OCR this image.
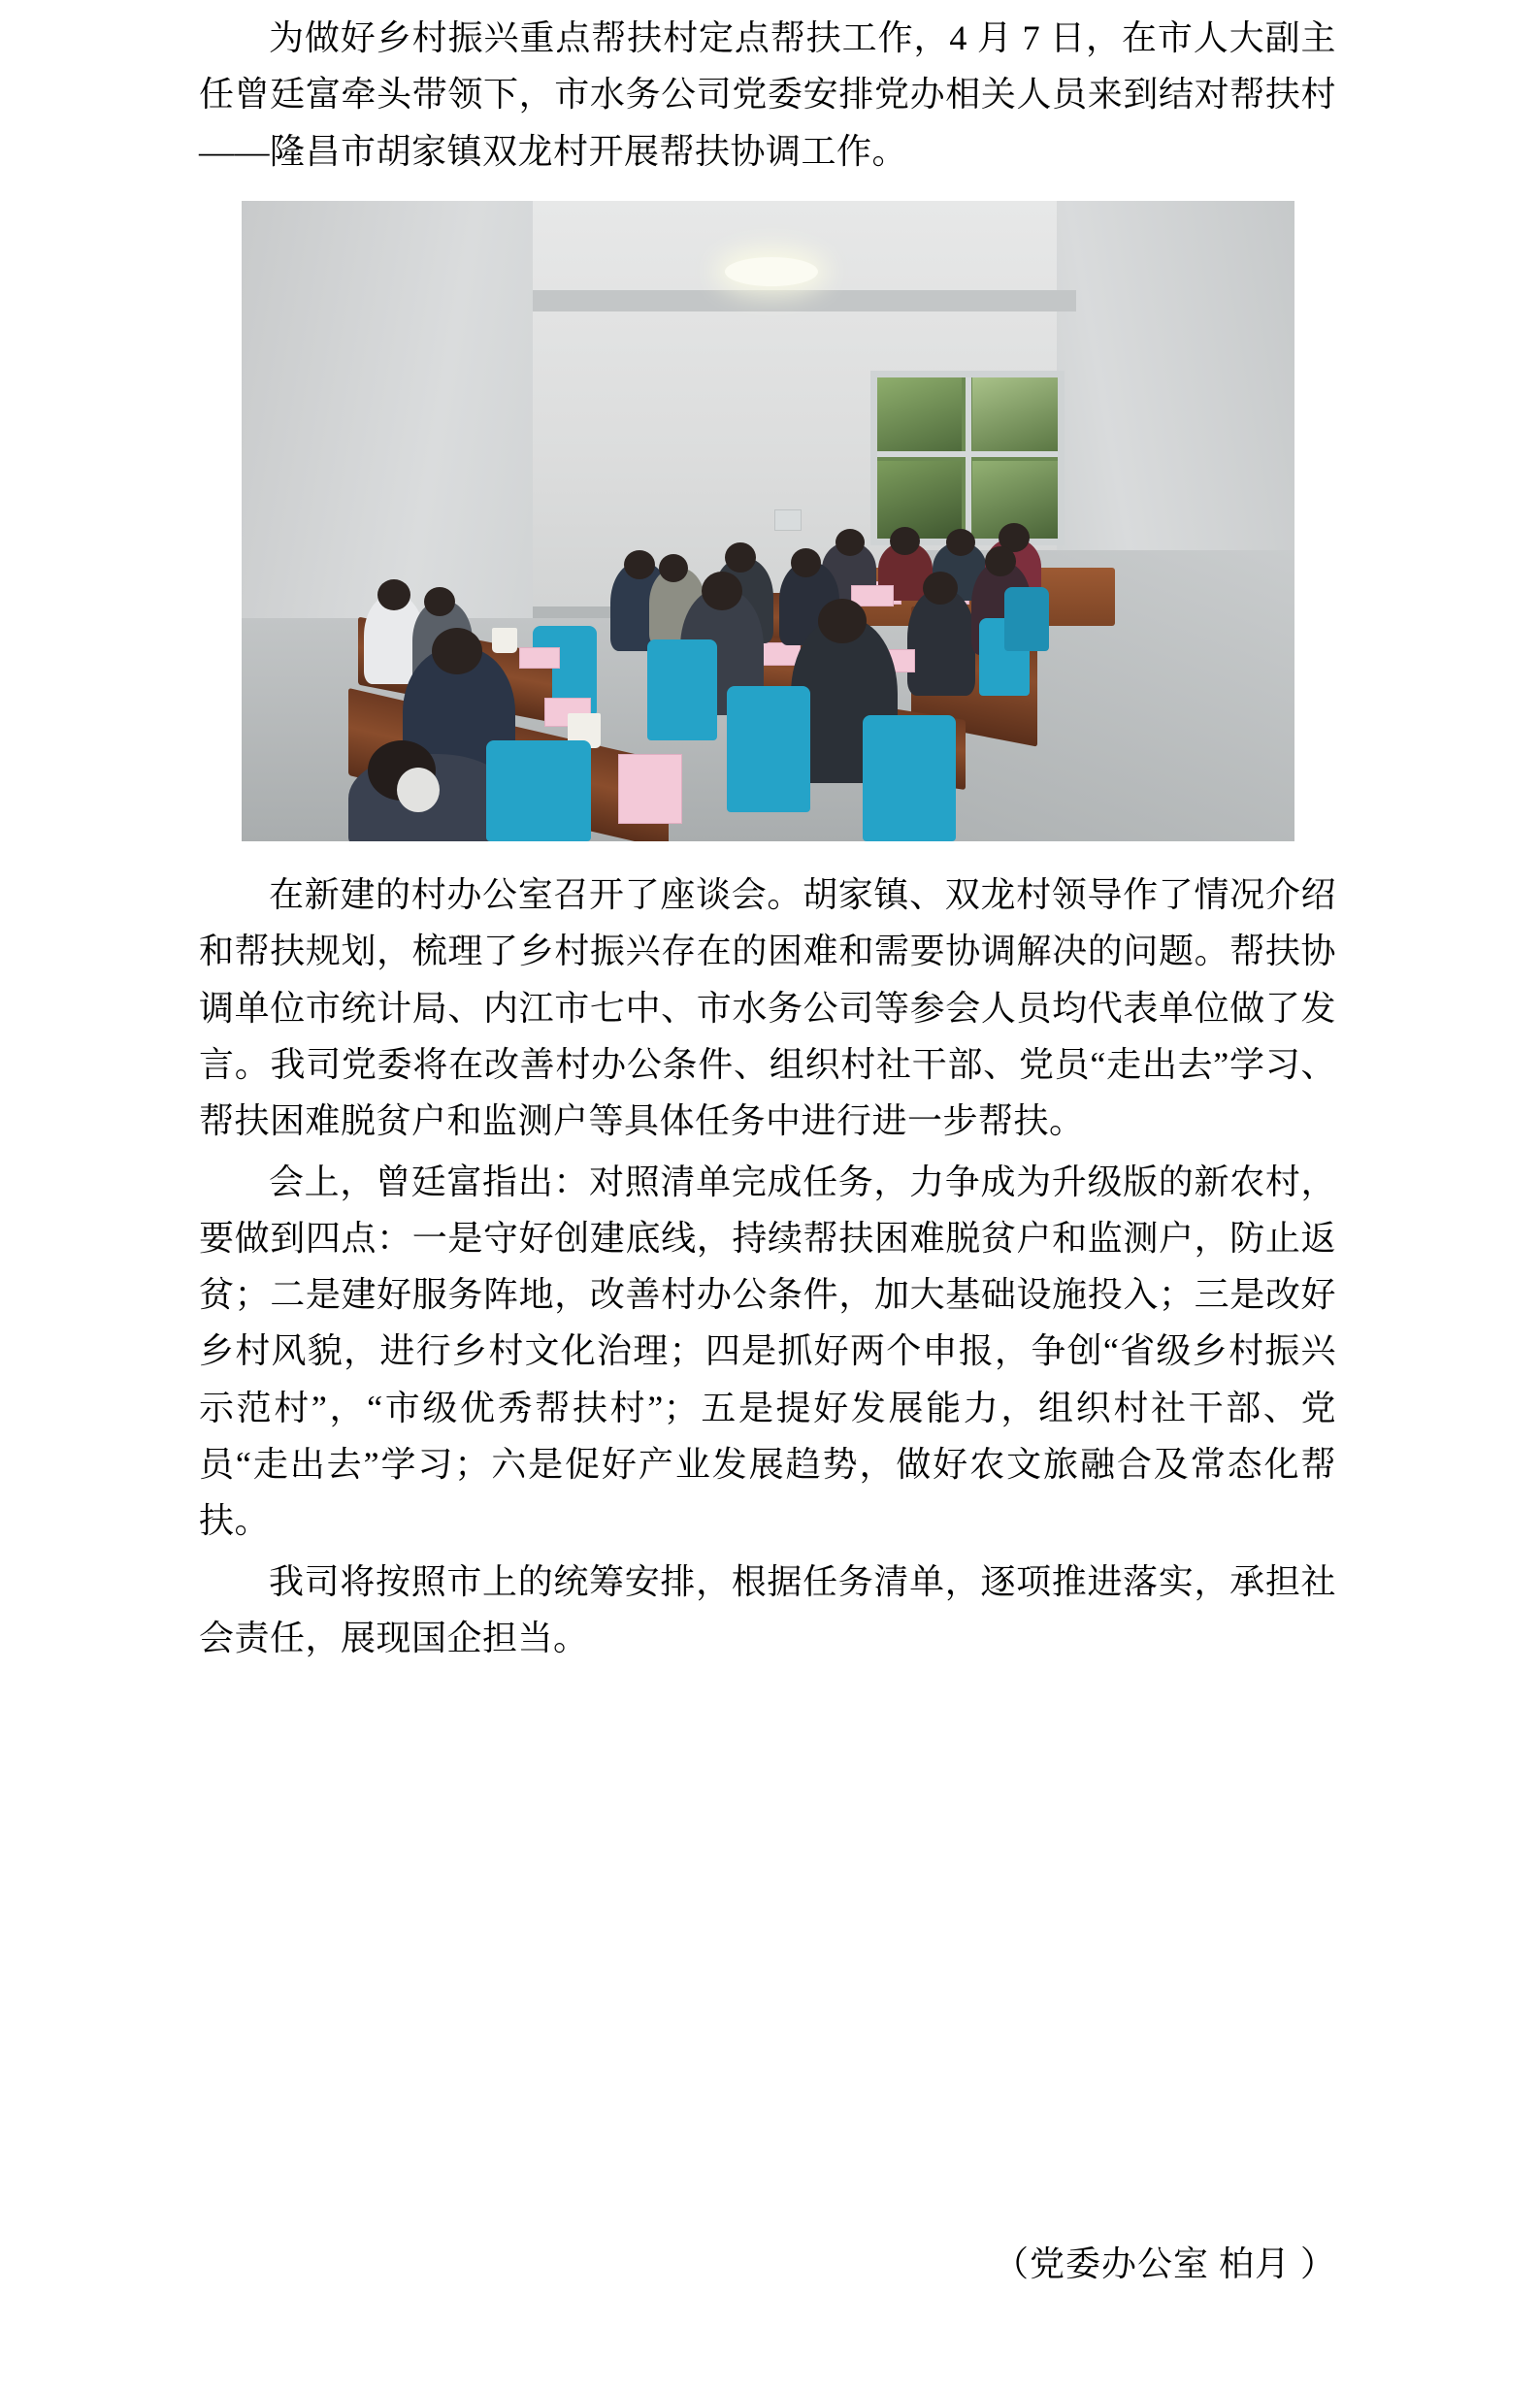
为做好乡村振兴重点帮扶村定点帮扶工作，4 月 7 日，在市人大副主任曾廷富牵头带领下，市水务公司党委安排党办相关人员来到结对帮扶村——隆昌市胡家镇双龙村开展帮扶协调工作。

在新建的村办公室召开了座谈会。胡家镇、双龙村领导作了情况介绍和帮扶规划，梳理了乡村振兴存在的困难和需要协调解决的问题。帮扶协调单位市统计局、内江市七中、市水务公司等参会人员均代表单位做了发言。我司党委将在改善村办公条件、组织村社干部、党员“走出去”学习、帮扶困难脱贫户和监测户等具体任务中进行进一步帮扶。

会上，曾廷富指出：对照清单完成任务，力争成为升级版的新农村，要做到四点：一是守好创建底线，持续帮扶困难脱贫户和监测户，防止返贫；二是建好服务阵地，改善村办公条件，加大基础设施投入；三是改好乡村风貌，进行乡村文化治理；四是抓好两个申报，争创“省级乡村振兴示范村”，“市级优秀帮扶村”；五是提好发展能力，组织村社干部、党员“走出去”学习；六是促好产业发展趋势，做好农文旅融合及常态化帮扶。

我司将按照市上的统筹安排，根据任务清单，逐项推进落实，承担社会责任，展现国企担当。

（党委办公室 柏月 ）
